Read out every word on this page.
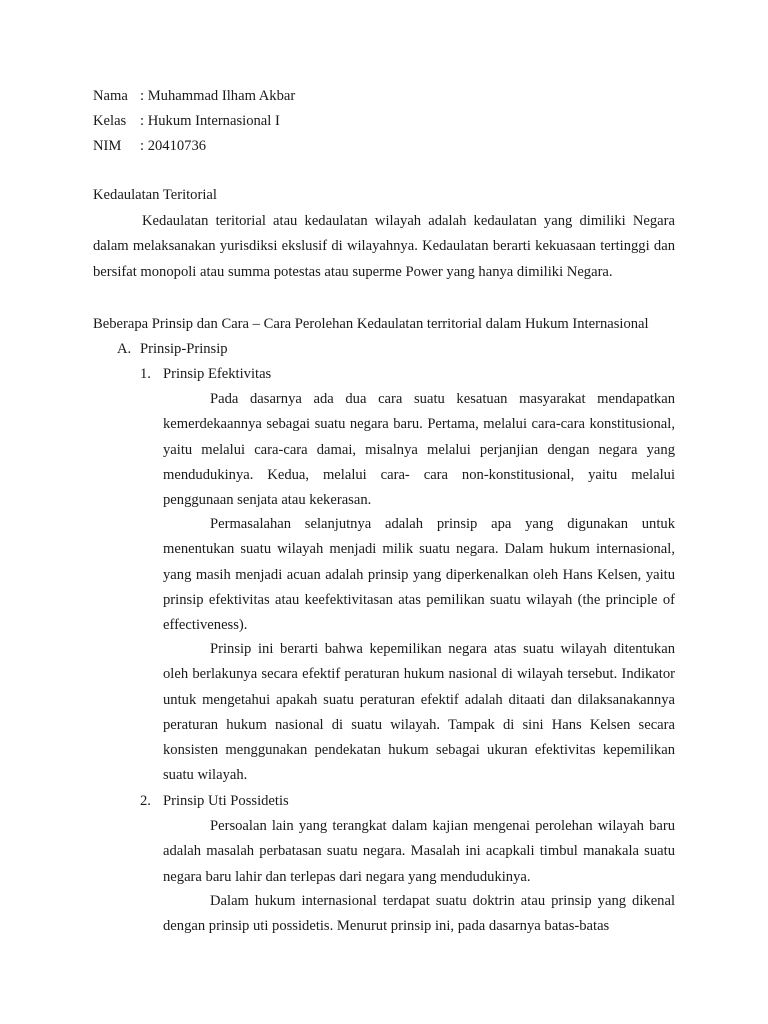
Nama : Muhammad Ilham Akbar
Kelas : Hukum Internasional I
NIM : 20410736
Kedaulatan Teritorial

Kedaulatan teritorial atau kedaulatan wilayah adalah kedaulatan yang dimiliki Negara dalam melaksanakan yurisdiksi ekslusif di wilayahnya. Kedaulatan berarti kekuasaan tertinggi dan bersifat monopoli atau summa potestas atau superme Power yang hanya dimiliki Negara.

Beberapa Prinsip dan Cara – Cara Perolehan Kedaulatan territorial dalam Hukum Internasional
A. Prinsip-Prinsip
1. Prinsip Efektivitas

Pada dasarnya ada dua cara suatu kesatuan masyarakat mendapatkan kemerdekaannya sebagai suatu negara baru. Pertama, melalui cara-cara konstitusional, yaitu melalui cara-cara damai, misalnya melalui perjanjian dengan negara yang mendudukinya. Kedua, melalui cara- cara non-konstitusional, yaitu melalui penggunaan senjata atau kekerasan.

Permasalahan selanjutnya adalah prinsip apa yang digunakan untuk menentukan suatu wilayah menjadi milik suatu negara. Dalam hukum internasional, yang masih menjadi acuan adalah prinsip yang diperkenalkan oleh Hans Kelsen, yaitu prinsip efektivitas atau keefektivitasan atas pemilikan suatu wilayah (the principle of effectiveness).

Prinsip ini berarti bahwa kepemilikan negara atas suatu wilayah ditentukan oleh berlakunya secara efektif peraturan hukum nasional di wilayah tersebut. Indikator untuk mengetahui apakah suatu peraturan efektif adalah ditaati dan dilaksanakannya peraturan hukum nasional di suatu wilayah. Tampak di sini Hans Kelsen secara konsisten menggunakan pendekatan hukum sebagai ukuran efektivitas kepemilikan suatu wilayah.

2. Prinsip Uti Possidetis

Persoalan lain yang terangkat dalam kajian mengenai perolehan wilayah baru adalah masalah perbatasan suatu negara. Masalah ini acapkali timbul manakala suatu negara baru lahir dan terlepas dari negara yang mendudukinya.

Dalam hukum internasional terdapat suatu doktrin atau prinsip yang dikenal dengan prinsip uti possidetis. Menurut prinsip ini, pada dasarnya batas-batas
